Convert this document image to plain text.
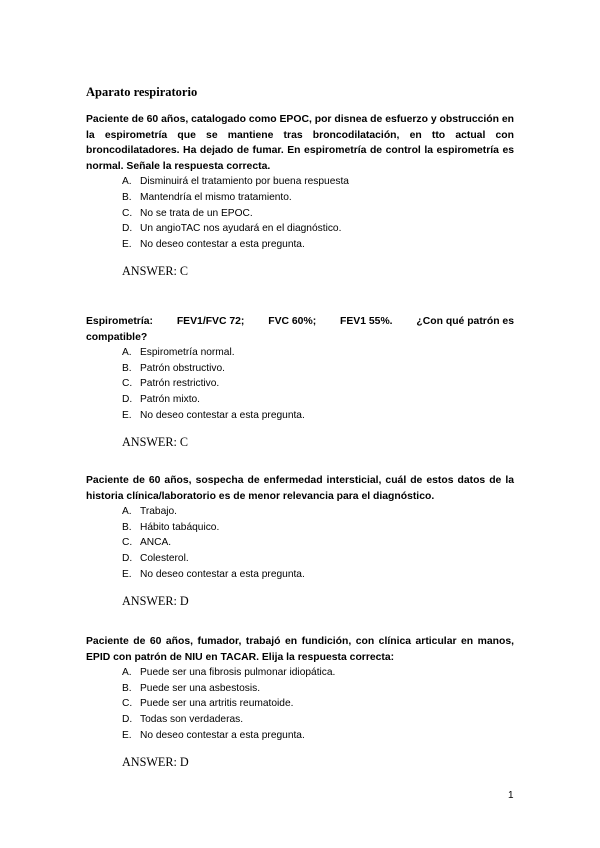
Aparato respiratorio

Paciente de 60 años, catalogado como EPOC, por disnea de esfuerzo y obstrucción en la espirometría que se mantiene tras broncodilatación, en tto actual con broncodilatadores. Ha dejado de fumar. En espirometría de control la espirometría es normal. Señale la respuesta correcta.

A. Disminuirá el tratamiento por buena respuesta
B. Mantendría el mismo tratamiento.
C. No se trata de un EPOC.
D. Un angioTAC nos ayudará en el diagnóstico.
E. No deseo contestar a esta pregunta.
ANSWER: C
Espirometría: FEV1/FVC 72; FVC 60%; FEV1 55%. ¿Con qué patrón es

compatible?

A. Espirometría normal.
B. Patrón obstructivo.
C. Patrón restrictivo.
D. Patrón mixto.
E. No deseo contestar a esta pregunta.
ANSWER: C

Paciente de 60 años, sospecha de enfermedad intersticial, cuál de estos datos de la historia clínica/laboratorio es de menor relevancia para el diagnóstico.

A. Trabajo.
B. Hábito tabáquico.
C. ANCA.
D. Colesterol.
E. No deseo contestar a esta pregunta.
ANSWER: D

Paciente de 60 años, fumador, trabajó en fundición, con clínica articular en manos, EPID con patrón de NIU en TACAR. Elija la respuesta correcta:

A. Puede ser una fibrosis pulmonar idiopática.
B. Puede ser una asbestosis.
C. Puede ser una artritis reumatoide.
D. Todas son verdaderas.
E. No deseo contestar a esta pregunta.
ANSWER: D
1
